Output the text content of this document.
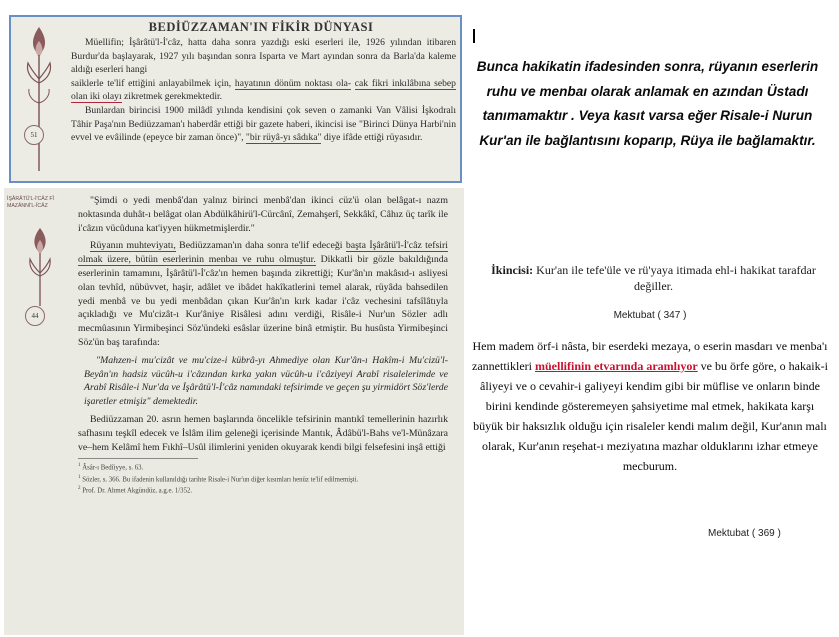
51
BEDİÜZZAMAN'IN FİKİR DÜNYASI

Müellifin; İşârâtü'l-İ'câz, hatta daha sonra yazdığı eski eserleri ile, 1926 yılından itibaren Burdur'da başlayarak, 1927 yılı başından sonra Isparta ve Mart ayından sonra da Barla'da kaleme aldığı eserleri hangi

saiklerle te'lif ettiğini anlayabilmek için, hayatının dönüm noktası ola- cak fikri inkılâbına sebep olan iki olayı zikretmek gerekmektedir.

Bunlardan birincisi 1900 milâdî yılında kendisini çok seven o zamanki Van Vâlisi İşkodralı Tâhir Paşa'nın Bediüzzaman'ı haberdâr ettiği bir gazete haberi, ikincisi ise "Birinci Dünya Harbi'nin evvel ve evâilinde (epeyce bir zaman önce)", "bir rüyâ-yı sâdıka" diye ifâde ettiği rüyasıdır.

İŞÂRÂTÜ'L-İ'CÂZ FÎ MAZÂNNİ'L-ÎCÂZ
44

"Şimdi o yedi menbâ'dan yalnız birinci menbâ'dan ikinci cüz'ü olan belâgat-ı nazm noktasında duhât-ı belâgat olan Abdülkâhirü'l-Cürcânî, Zemahşerî, Sekkâkî, Câhız üç tarîk ile i'câzın vücûduna kat'iyyen hükmetmişlerdir."

Rüyanın muhteviyatı, Bediüzzaman'ın daha sonra te'lif edeceği başta İşârâtü'l-İ'câz tefsiri olmak üzere, bütün eserlerinin menbaı ve ruhu olmuştur. Dikkatli bir gözle bakıldığında eserlerinin tamamını, İşârâtü'l-İ'câz'ın hemen başında zikrettiği; Kur'ân'ın makâsıd-ı asliyesi olan tevhîd, nübüvvet, haşir, adâlet ve ibâdet hakîkatlerini temel alarak, rüyâda bahsedilen yedi menbâ ve bu yedi menbâdan çıkan Kur'ân'ın kırk kadar i'câz vechesini tafsîlâtıyla açıkladığı ve Mu'cizât-ı Kur'âniye Risâlesi adını verdiği, Risâle-i Nur'un Sözler adlı mecmûasının Yirmibeşinci Söz'ündeki esâslar üzerine binâ etmiştir. Bu husûsta Yirmibeşinci Söz'ün baş tarafında:

"Mahzen-i mu'cizât ve mu'cize-i kübrâ-yı Ahmediye olan Kur'ân-ı Hakîm-i Mu'cizü'l-Beyân'ın hadsiz vücûh-u i'câzından kırka yakın vücûh-u i'câziyeyi Arabî risalelerimde ve Arabî Risâle-i Nur'da ve İşârâtü'l-İ'câz namındaki tefsirimde ve geçen şu yirmidört Söz'lerde işaretler etmişiz" demektedir.

Bediüzzaman 20. asrın hemen başlarında öncelikle tefsirinin mantıkî temellerinin hazırlık safhasını teşkîl edecek ve İslâm ilim geleneği içerisinde Mantık, Âdâbü'l-Bahs ve'l-Münâzara ve–hem Kelâmî hem Fıkhî–Usûl ilimlerini yeniden okuyarak kendi bilgi felsefesini inşâ ettiği

$^1$ Âsâr-ı Bedîiyye, s. 63.

$^1$ Sözler, s. 366. Bu ifadenin kullanıldığı tarihte Risale-i Nur'un diğer kısımları henüz te'lif edilmemişti.

$^2$ Prof. Dr. Ahmet Akgündüz, a.g.e. 1/352.

Bunca hakikatin ifadesinden sonra, rüyanın eserlerin ruhu ve menbaı olarak anlamak en azından Üstadı tanımamaktır . Veya kasıt varsa eğer Risale-i Nurun Kur'an ile bağlantısını koparıp, Rüya ile bağlamaktır.
İkincisi: Kur'an ile tefe'üle ve rü'yaya itimada ehl-i hakikat tarafdar değiller.
Mektubat ( 347 )
Hem madem örf-i nâsta, bir eserdeki mezaya, o eserin masdarı ve menba'ı zannettikleri müellifinin etvarında aramlıyor ve bu örfe göre, o hakaik-i âliyeyi ve o cevahir-i galiyeyi kendim gibi bir müflise ve onların binde birini kendinde gösteremeyen şahsiyetime mal etmek, hakikata karşı büyük bir haksızlık olduğu için risaleler kendi malım değil, Kur'anın malı olarak, Kur'anın reşehat-ı meziyatına mazhar olduklarını izhar etmeye mecburum.
Mektubat ( 369 )
